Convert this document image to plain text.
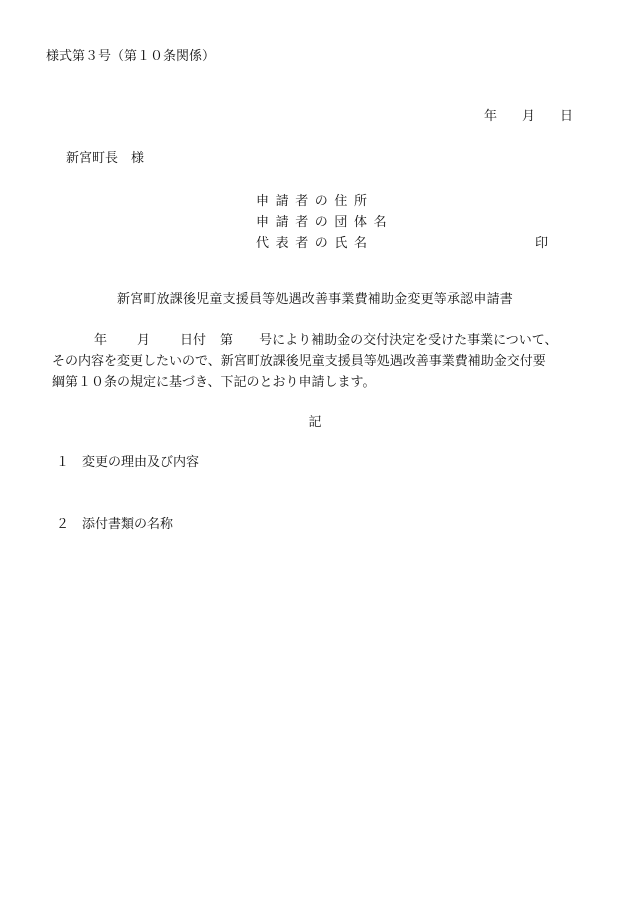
様式第３号（第１０条関係）
年 月 日
新宮町長　様
申請者の住所
申請者の団体名
代表者の氏名	印
新宮町放課後児童支援員等処遇改善事業費補助金変更等承認申請書
年 月 日付 第 号により補助金の交付決定を受けた事業について、
その内容を変更したいので、新宮町放課後児童支援員等処遇改善事業費補助金交付要
綱第１０条の規定に基づき、下記のとおり申請します。
記
１ 変更の理由及び内容
２ 添付書類の名称
